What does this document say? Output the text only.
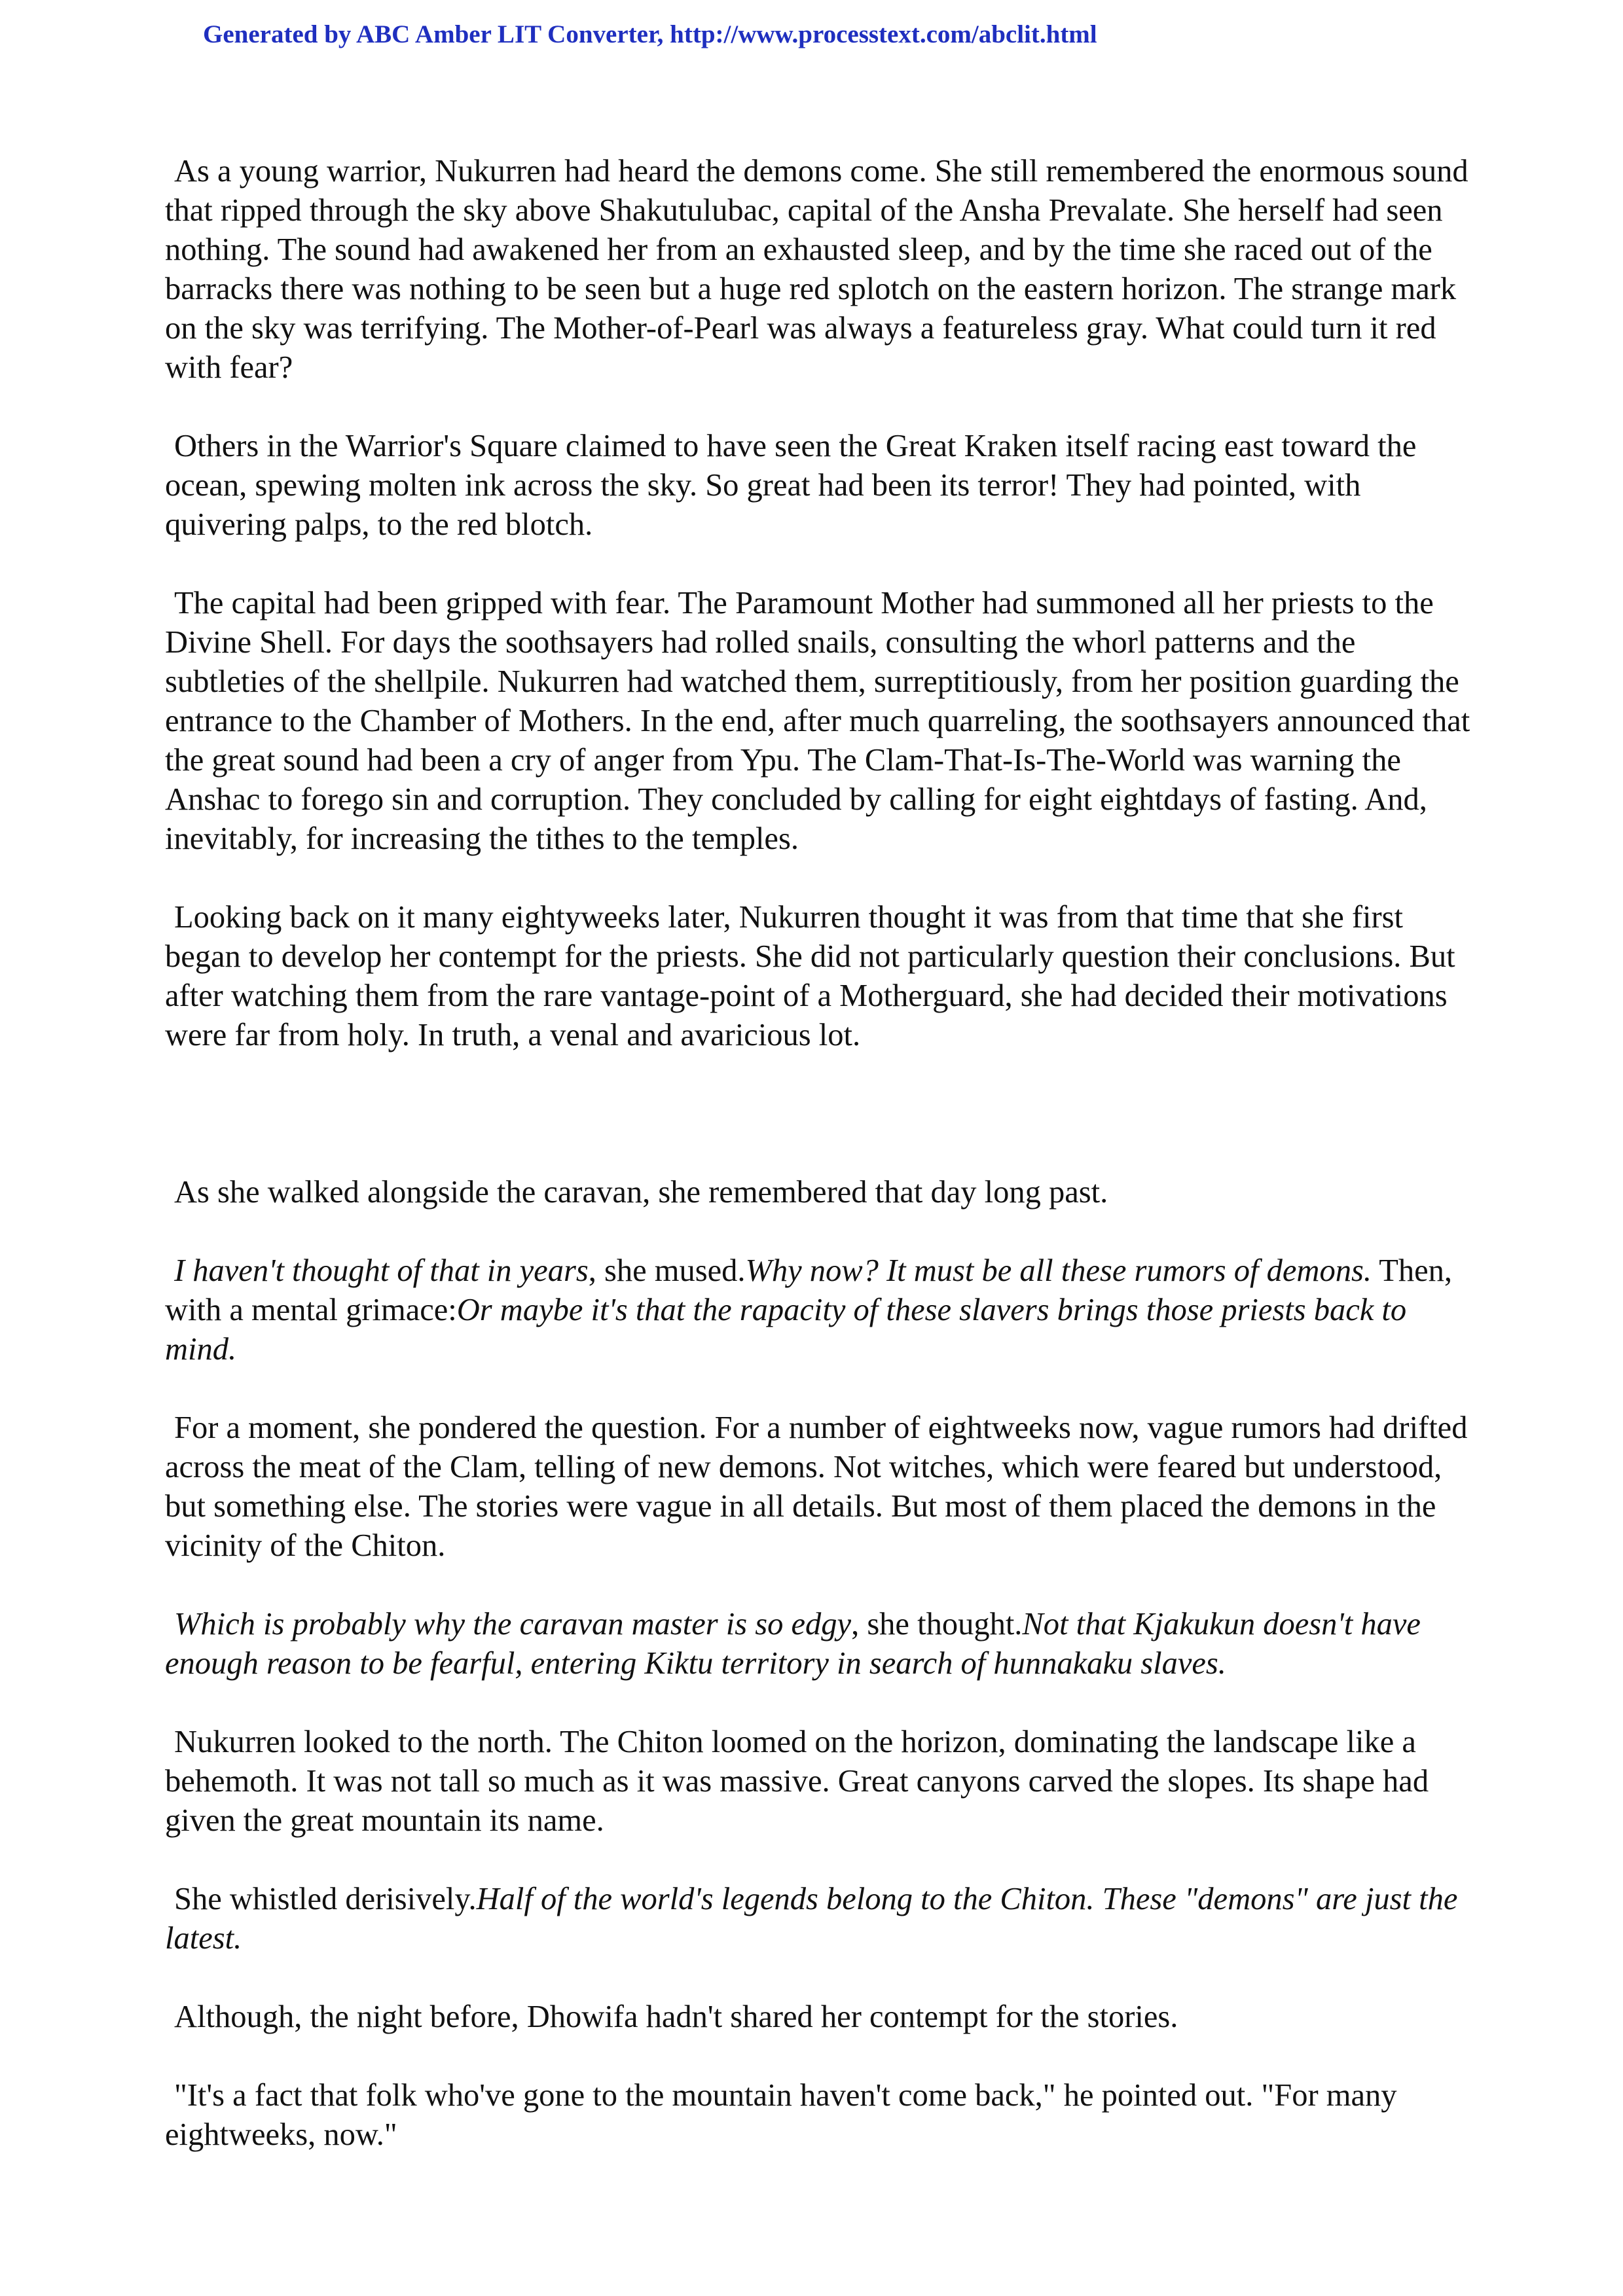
Generated by ABC Amber LIT Converter, http://www.processtext.com/abclit.html

As a young warrior, Nukurren had heard the demons come. She still remembered the enormous sound that ripped through the sky above Shakutulubac, capital of the Ansha Prevalate. She herself had seen nothing. The sound had awakened her from an exhausted sleep, and by the time she raced out of the barracks there was nothing to be seen but a huge red splotch on the eastern horizon. The strange mark on the sky was terrifying. The Mother-of-Pearl was always a featureless gray. What could turn it red with fear?

Others in the Warrior's Square claimed to have seen the Great Kraken itself racing east toward the ocean, spewing molten ink across the sky. So great had been its terror! They had pointed, with quivering palps, to the red blotch.

The capital had been gripped with fear. The Paramount Mother had summoned all her priests to the Divine Shell. For days the soothsayers had rolled snails, consulting the whorl patterns and the subtleties of the shellpile. Nukurren had watched them, surreptitiously, from her position guarding the entrance to the Chamber of Mothers. In the end, after much quarreling, the soothsayers announced that the great sound had been a cry of anger from Ypu. The Clam-That-Is-The-World was warning the Anshac to forego sin and corruption. They concluded by calling for eight eightdays of fasting. And, inevitably, for increasing the tithes to the temples.

Looking back on it many eightyweeks later, Nukurren thought it was from that time that she first began to develop her contempt for the priests. She did not particularly question their conclusions. But after watching them from the rare vantage-point of a Motherguard, she had decided their motivations were far from holy. In truth, a venal and avaricious lot.

As she walked alongside the caravan, she remembered that day long past.

I haven't thought of that in years, she mused.Why now? It must be all these rumors of demons. Then, with a mental grimace:Or maybe it's that the rapacity of these slavers brings those priests back to mind.

For a moment, she pondered the question. For a number of eightweeks now, vague rumors had drifted across the meat of the Clam, telling of new demons. Not witches, which were feared but understood, but something else. The stories were vague in all details. But most of them placed the demons in the vicinity of the Chiton.

Which is probably why the caravan master is so edgy, she thought.Not that Kjakukun doesn't have enough reason to be fearful, entering Kiktu territory in search of hunnakaku slaves.

Nukurren looked to the north. The Chiton loomed on the horizon, dominating the landscape like a behemoth. It was not tall so much as it was massive. Great canyons carved the slopes. Its shape had given the great mountain its name.

She whistled derisively.Half of the world's legends belong to the Chiton. These "demons" are just the latest.

Although, the night before, Dhowifa hadn't shared her contempt for the stories.

"It's a fact that folk who've gone to the mountain haven't come back," he pointed out. "For many eightweeks, now."
